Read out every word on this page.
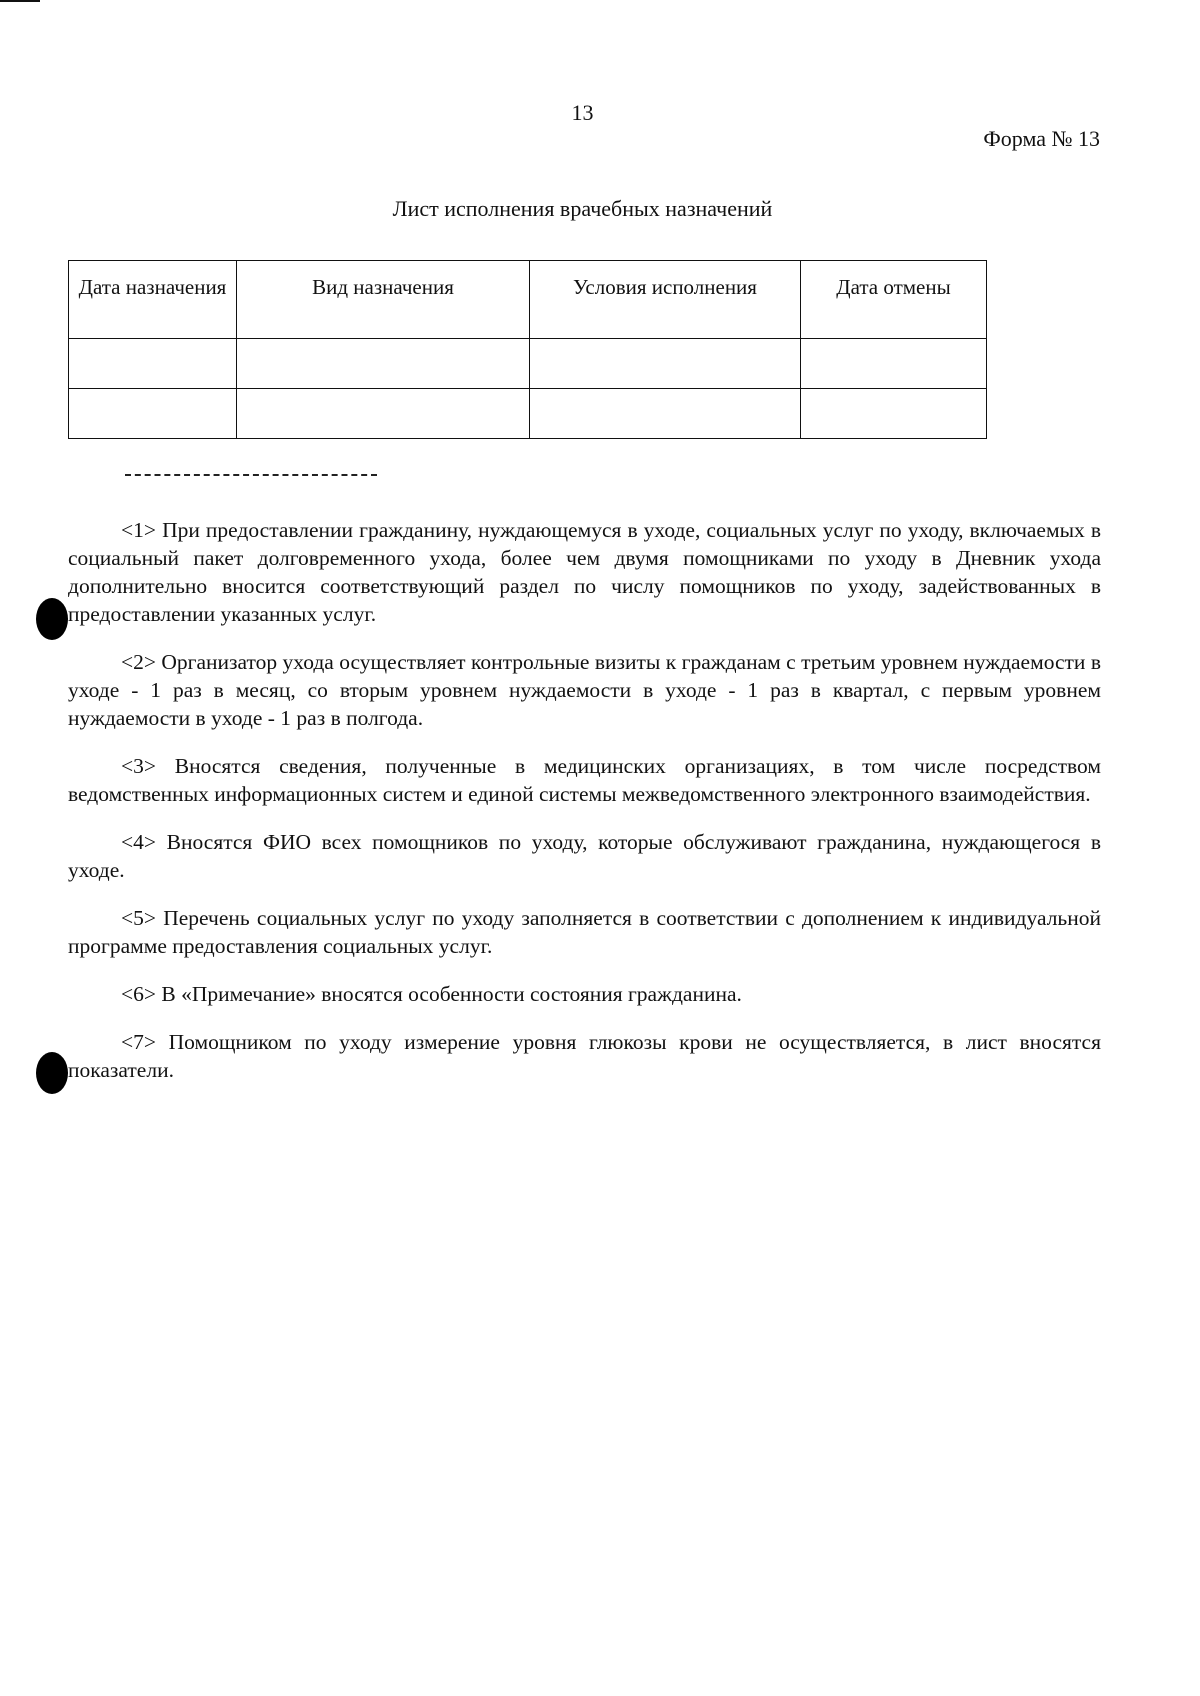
13
Форма № 13
Лист исполнения врачебных назначений
Дата назначения	Вид назначения	Условия исполнения	Дата отмены

<1> При предоставлении гражданину, нуждающемуся в уходе, социальных услуг по уходу, включаемых в социальный пакет долговременного ухода, более чем двумя помощниками по уходу в Дневник ухода дополнительно вносится соответствующий раздел по числу помощников по уходу, задействованных в предоставлении указанных услуг.

<2> Организатор ухода осуществляет контрольные визиты к гражданам с третьим уровнем нуждаемости в уходе - 1 раз в месяц, со вторым уровнем нуждаемости в уходе - 1 раз в квартал, с первым уровнем нуждаемости в уходе - 1 раз в полгода.

<3> Вносятся сведения, полученные в медицинских организациях, в том числе посредством ведомственных информационных систем и единой системы межведомственного электронного взаимодействия.

<4> Вносятся ФИО всех помощников по уходу, которые обслуживают гражданина, нуждающегося в уходе.

<5> Перечень социальных услуг по уходу заполняется в соответствии с дополнением к индивидуальной программе предоставления социальных услуг.

<6> В «Примечание» вносятся особенности состояния гражданина.

<7> Помощником по уходу измерение уровня глюкозы крови не осуществляется, в лист вносятся показатели.
